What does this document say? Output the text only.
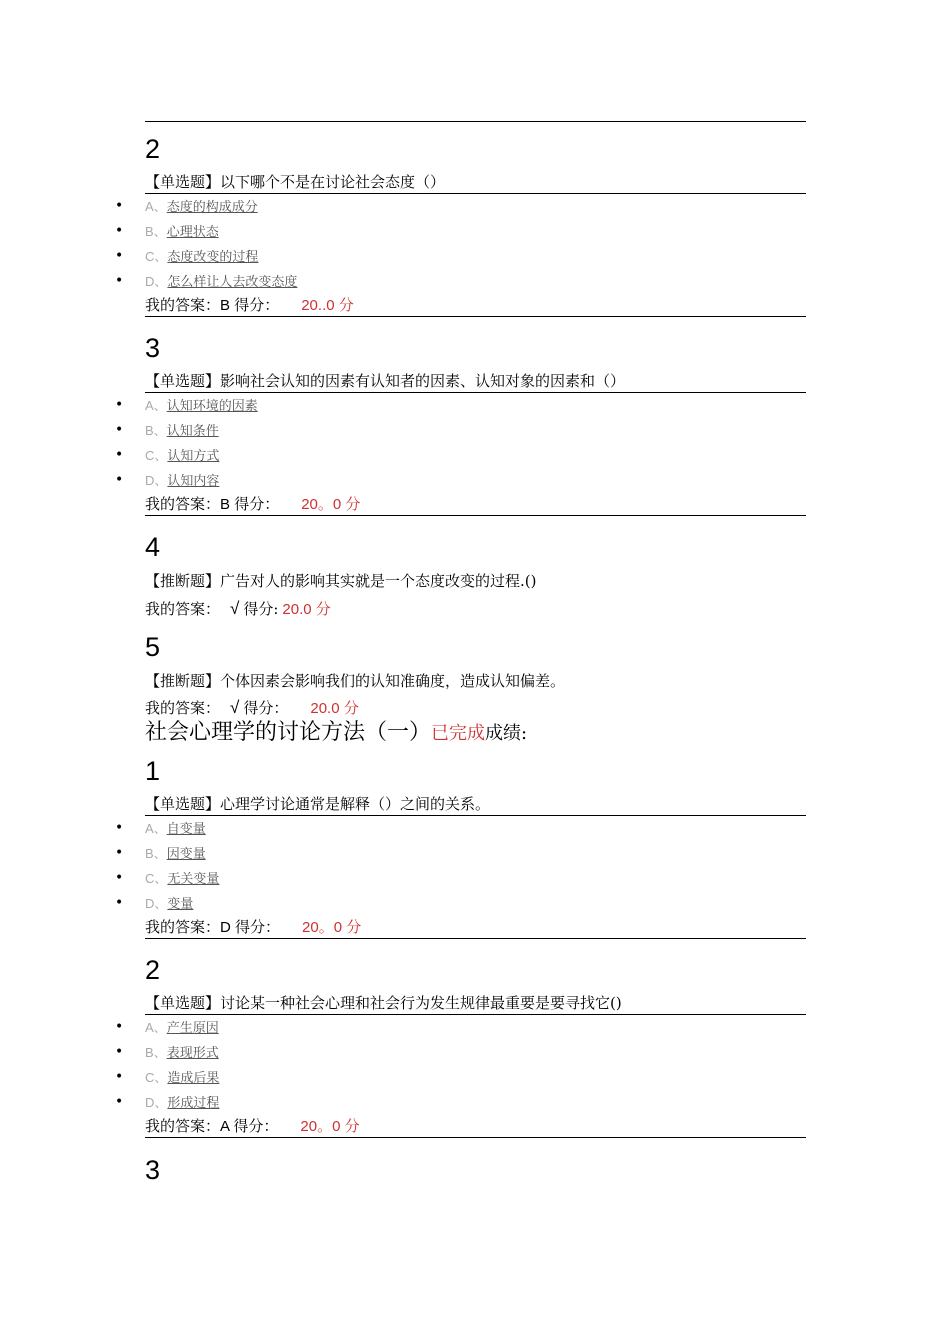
2
【单选题】以下哪个不是在讨论社会态度（）
• A、态度的构成成分
• B、心理状态
• C、态度改变的过程
• D、怎么样让人去改变态度
我的答案：B 得分： 20..0 分
3
【单选题】影响社会认知的因素有认知者的因素、认知对象的因素和（）
• A、认知环境的因素
• B、认知条件
• C、认知方式
• D、认知内容
我的答案：B 得分： 20。0 分
4
【推断题】广告对人的影响其实就是一个态度改变的过程.()
我的答案： √ 得分: 20.0 分
5
【推断题】个体因素会影响我们的认知准确度，造成认知偏差。
我的答案： √ 得分： 20.0 分
社会心理学的讨论方法（一）已完成成绩:
1
【单选题】心理学讨论通常是解释（）之间的关系。
• A、自变量
• B、因变量
• C、无关变量
• D、变量
我的答案：D 得分： 20。0 分
2
【单选题】讨论某一种社会心理和社会行为发生规律最重要是要寻找它()
• A、产生原因
• B、表现形式
• C、造成后果
• D、形成过程
我的答案：A 得分： 20。0 分
3
